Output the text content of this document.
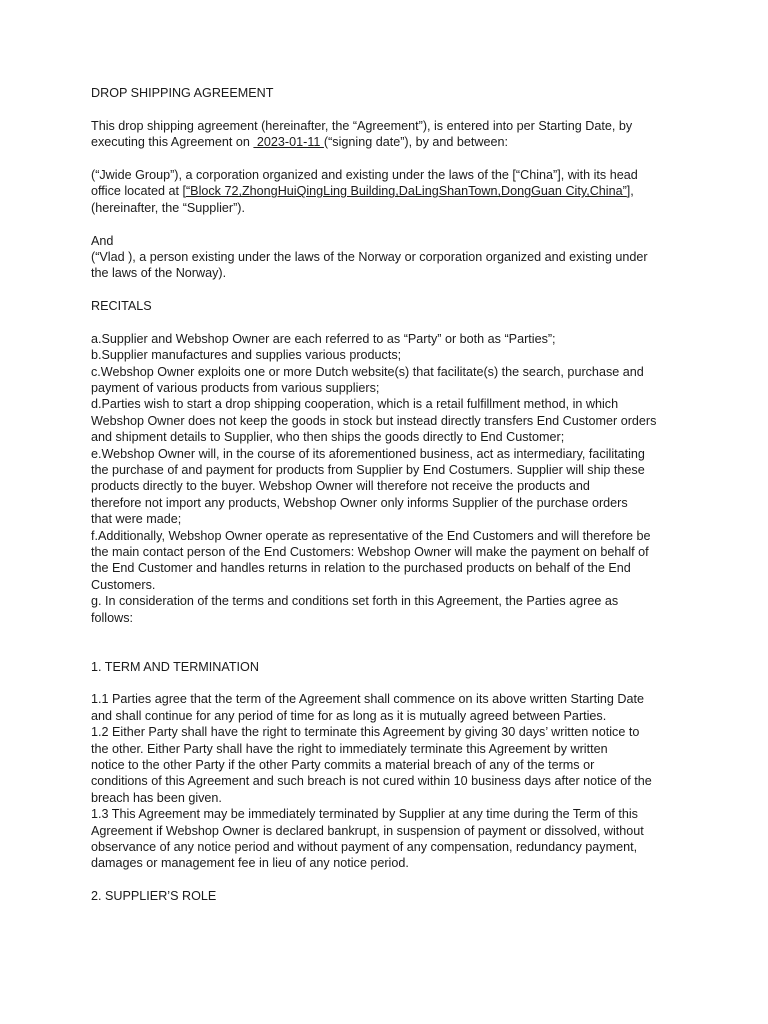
DROP SHIPPING AGREEMENT
This drop shipping agreement (hereinafter, the “Agreement”), is entered into per Starting Date, by
executing this Agreement on  2023-01-11 (“signing date”), by and between:
(“Jwide Group”), a corporation organized and existing under the laws of the [“China”], with its head
office located at [“Block 72,ZhongHuiQingLing Building,DaLingShanTown,DongGuan City,China”],
(hereinafter, the “Supplier”).
And
(“Vlad ), a person existing under the laws of the Norway or corporation organized and existing under
the laws of the Norway).
RECITALS
a.Supplier and Webshop Owner are each referred to as “Party” or both as “Parties”;
b.Supplier manufactures and supplies various products;
c.Webshop Owner exploits one or more Dutch website(s) that facilitate(s) the search, purchase and
payment of various products from various suppliers;
d.Parties wish to start a drop shipping cooperation, which is a retail fulfillment method, in which
Webshop Owner does not keep the goods in stock but instead directly transfers End Customer orders
and shipment details to Supplier, who then ships the goods directly to End Customer;
e.Webshop Owner will, in the course of its aforementioned business, act as intermediary, facilitating
the purchase of and payment for products from Supplier by End Costumers. Supplier will ship these
products directly to the buyer. Webshop Owner will therefore not receive the products and
therefore not import any products, Webshop Owner only informs Supplier of the purchase orders
that were made;
f.Additionally, Webshop Owner operate as representative of the End Customers and will therefore be
the main contact person of the End Customers: Webshop Owner will make the payment on behalf of
the End Customer and handles returns in relation to the purchased products on behalf of the End
Customers.
g. In consideration of the terms and conditions set forth in this Agreement, the Parties agree as
follows:
1. TERM AND TERMINATION
1.1 Parties agree that the term of the Agreement shall commence on its above written Starting Date
and shall continue for any period of time for as long as it is mutually agreed between Parties.
1.2 Either Party shall have the right to terminate this Agreement by giving 30 days’ written notice to
the other. Either Party shall have the right to immediately terminate this Agreement by written
notice to the other Party if the other Party commits a material breach of any of the terms or
conditions of this Agreement and such breach is not cured within 10 business days after notice of the
breach has been given.
1.3 This Agreement may be immediately terminated by Supplier at any time during the Term of this
Agreement if Webshop Owner is declared bankrupt, in suspension of payment or dissolved, without
observance of any notice period and without payment of any compensation, redundancy payment,
damages or management fee in lieu of any notice period.
2. SUPPLIER’S ROLE
